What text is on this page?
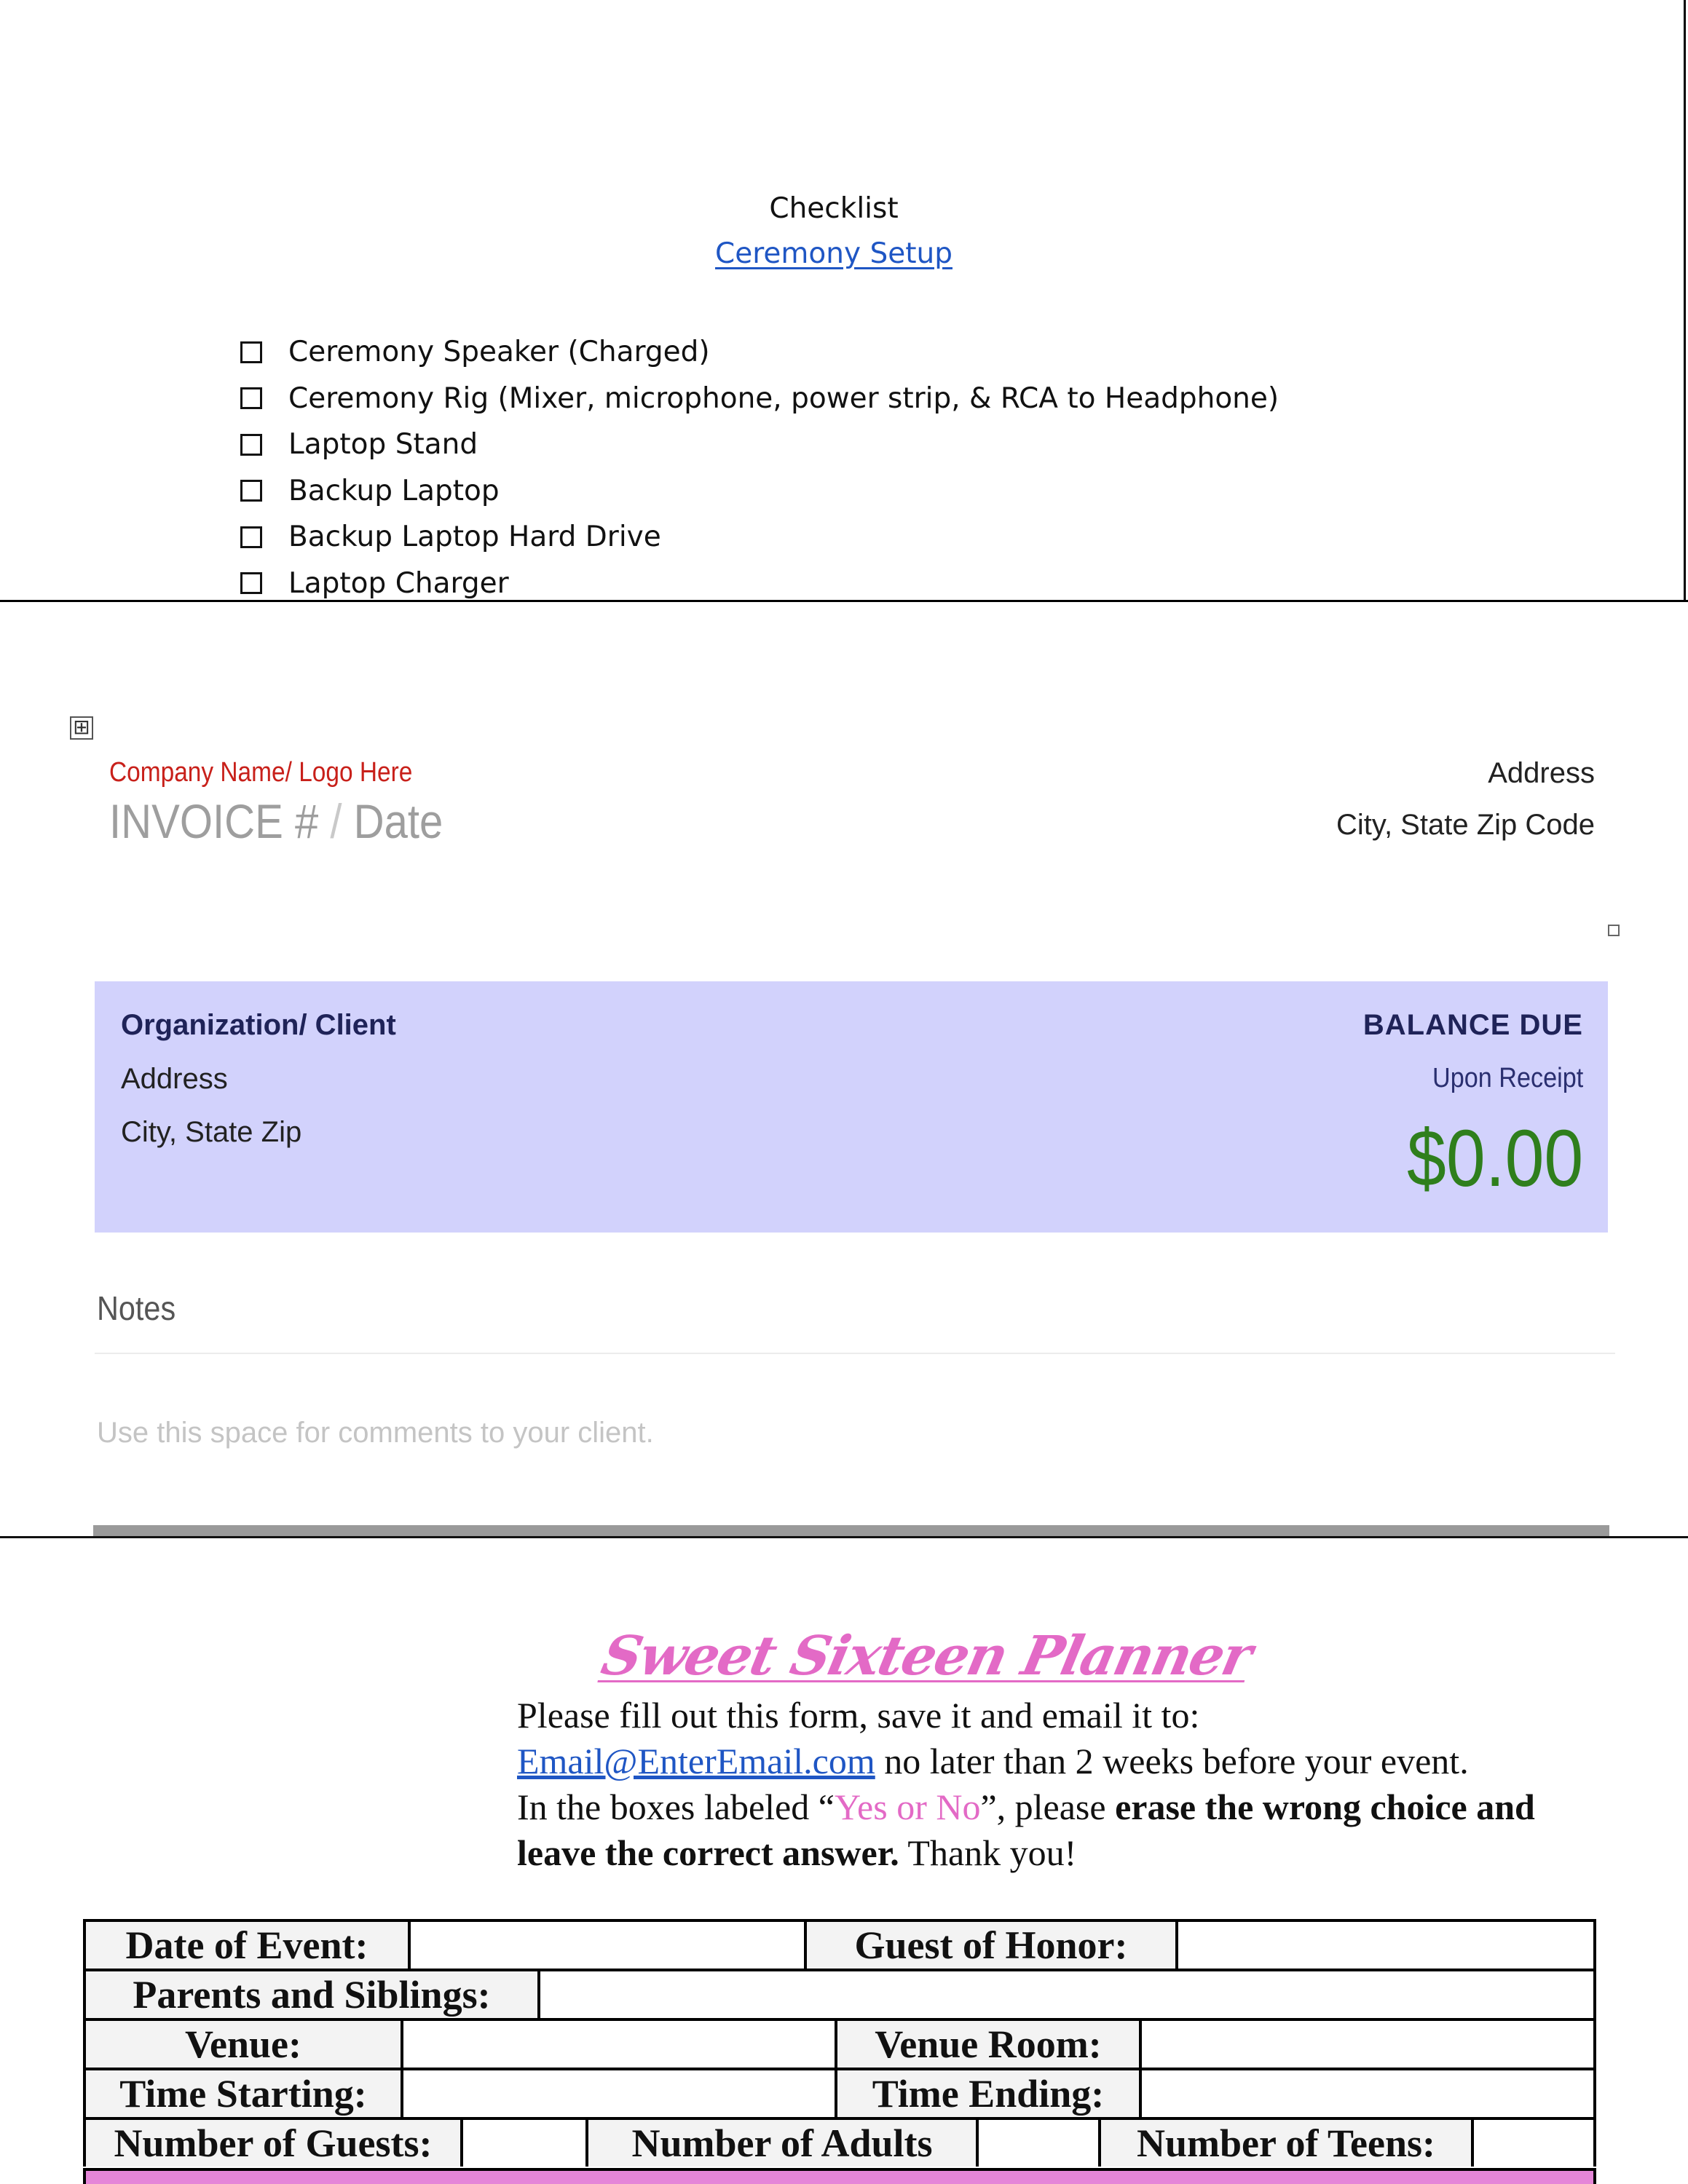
Checklist
Ceremony Setup
Ceremony Speaker (Charged)
Ceremony Rig (Mixer, microphone, power strip, & RCA to Headphone)
Laptop Stand
Backup Laptop
Backup Laptop Hard Drive
Laptop Charger
⊞
Company Name/ Logo Here
INVOICE # / Date
Address
City, State Zip Code
Organization/ Client
Address
City, State Zip
BALANCE DUE
Upon Receipt
$0.00
Notes
Use this space for comments to your client.
Sweet Sixteen Planner
Please fill out this form, save it and email it to:
Email@EnterEmail.com no later than 2 weeks before your event.
In the boxes labeled “Yes or No”, please erase the wrong choice and leave the correct answer. Thank you!
Date of Event:	Guest of Honor:
Parents and Siblings:
Venue:	Venue Room:
Time Starting:	Time Ending:
Number of Guests:	Number of Adults	Number of Teens:
